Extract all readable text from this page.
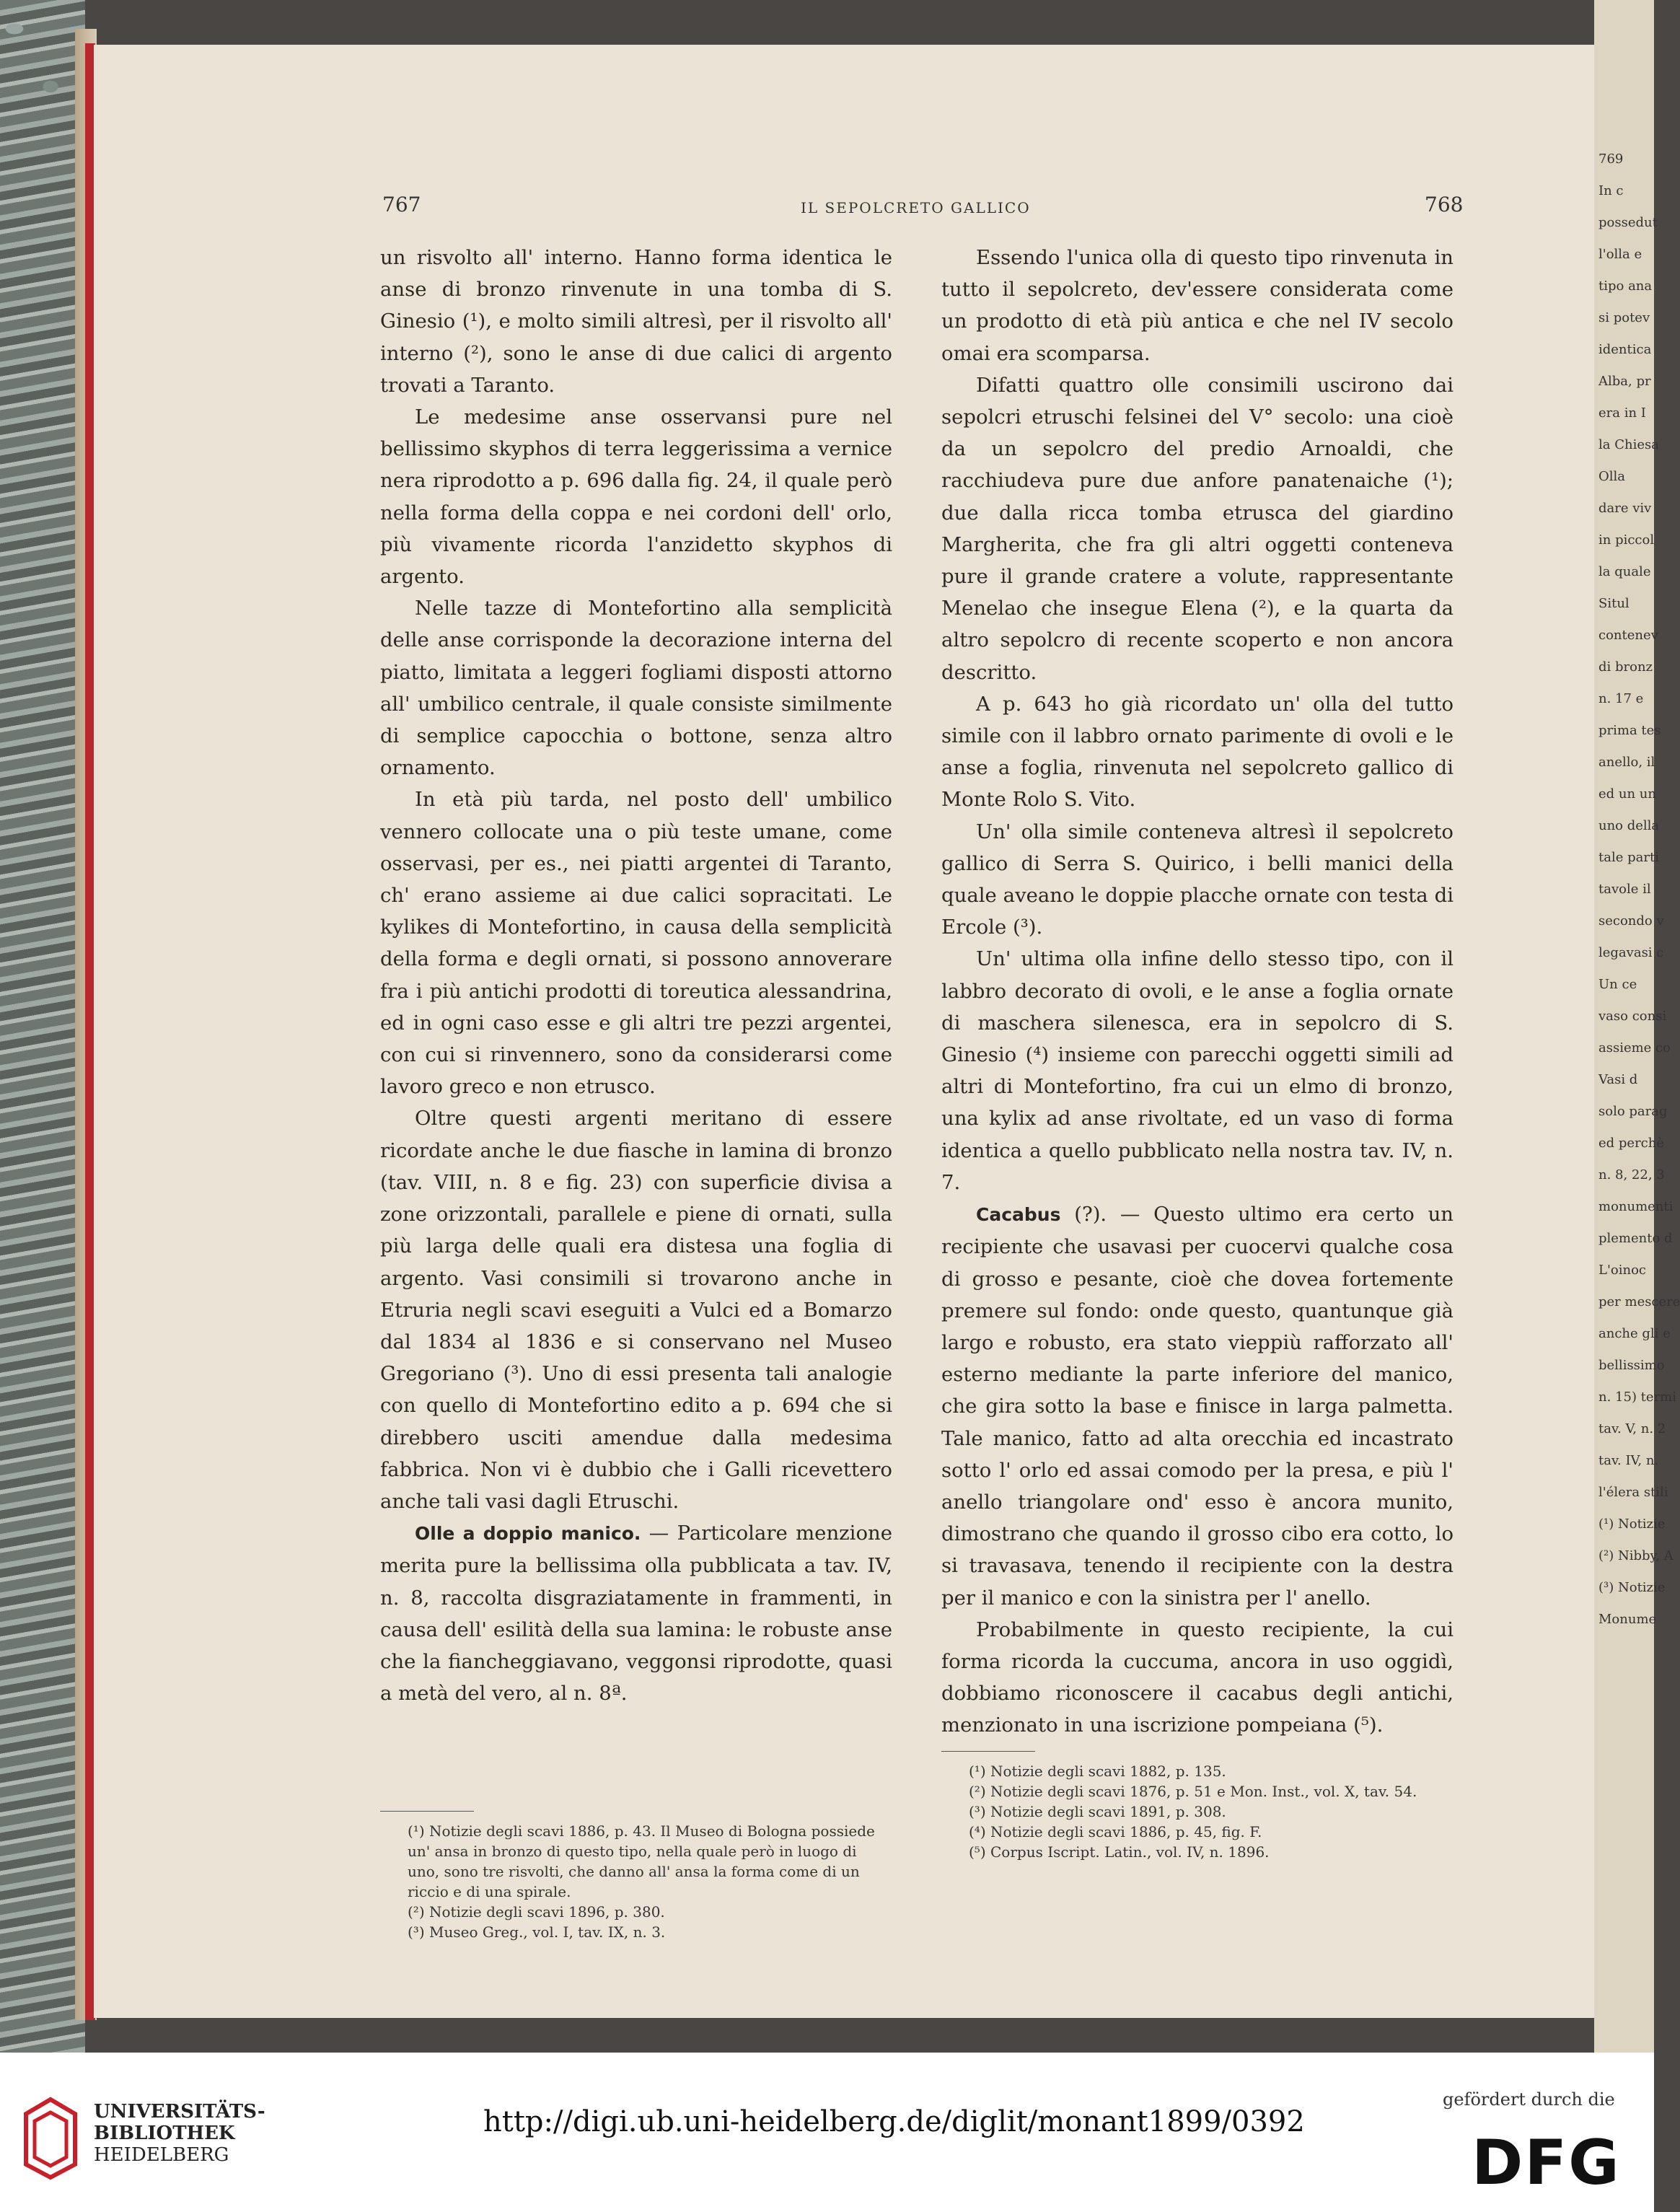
769
In c
possedut
l'olla e
tipo ana
si potev
identica
Alba, pr
era in I
la Chiesa
Olla
dare viv
in piccol
la quale
Situl
contenev
di bronz
n. 17 e
prima tes
anello, il
ed un un
uno della
tale parti
tavole il
secondo v
legavasi c
Un ce
vaso consi
assieme co
Vasi d
solo parag
ed perchè
n. 8, 22, 3
monumenti
plemento d
L'oinoc
per mescere
anche gli e
bellissimo
n. 15) termi
tav. V, n. 2
tav. IV, n.
l'élera stili
(¹) Notizie
(²) Nibby, A
(³) Notizie
Monume
767	IL SEPOLCRETO GALLICO	768

un risvolto all' interno. Hanno forma identica le anse di bronzo rinvenute in una tomba di S. Ginesio (¹), e molto simili altresì, per il risvolto all' interno (²), sono le anse di due calici di argento trovati a Taranto.

Le medesime anse osservansi pure nel bellissimo skyphos di terra leggerissima a vernice nera riprodotto a p. 696 dalla fig. 24, il quale però nella forma della coppa e nei cordoni dell' orlo, più vivamente ricorda l'anzidetto skyphos di argento.

Nelle tazze di Montefortino alla semplicità delle anse corrisponde la decorazione interna del piatto, limitata a leggeri fogliami disposti attorno all' umbilico centrale, il quale consiste similmente di semplice capocchia o bottone, senza altro ornamento.

In età più tarda, nel posto dell' umbilico vennero collocate una o più teste umane, come osservasi, per es., nei piatti argentei di Taranto, ch' erano assieme ai due calici sopracitati. Le kylikes di Montefortino, in causa della semplicità della forma e degli ornati, si possono annoverare fra i più antichi prodotti di toreutica alessandrina, ed in ogni caso esse e gli altri tre pezzi argentei, con cui si rinvennero, sono da considerarsi come lavoro greco e non etrusco.

Oltre questi argenti meritano di essere ricordate anche le due fiasche in lamina di bronzo (tav. VIII, n. 8 e fig. 23) con superficie divisa a zone orizzontali, parallele e piene di ornati, sulla più larga delle quali era distesa una foglia di argento. Vasi consimili si trovarono anche in Etruria negli scavi eseguiti a Vulci ed a Bomarzo dal 1834 al 1836 e si conservano nel Museo Gregoriano (³). Uno di essi presenta tali analogie con quello di Montefortino edito a p. 694 che si direbbero usciti amendue dalla medesima fabbrica. Non vi è dubbio che i Galli ricevettero anche tali vasi dagli Etruschi.

Olle a doppio manico. — Particolare menzione merita pure la bellissima olla pubblicata a tav. IV, n. 8, raccolta disgraziatamente in frammenti, in causa dell' esilità della sua lamina: le robuste anse che la fiancheggiavano, veggonsi riprodotte, quasi a metà del vero, al n. 8ª.

Essendo l'unica olla di questo tipo rinvenuta in tutto il sepolcreto, dev'essere considerata come un prodotto di età più antica e che nel IV secolo omai era scomparsa.

Difatti quattro olle consimili uscirono dai sepolcri etruschi felsinei del V° secolo: una cioè da un sepolcro del predio Arnoaldi, che racchiudeva pure due anfore panatenaiche (¹); due dalla ricca tomba etrusca del giardino Margherita, che fra gli altri oggetti conteneva pure il grande cratere a volute, rappresentante Menelao che insegue Elena (²), e la quarta da altro sepolcro di recente scoperto e non ancora descritto.

A p. 643 ho già ricordato un' olla del tutto simile con il labbro ornato parimente di ovoli e le anse a foglia, rinvenuta nel sepolcreto gallico di Monte Rolo S. Vito.

Un' olla simile conteneva altresì il sepolcreto gallico di Serra S. Quirico, i belli manici della quale aveano le doppie placche ornate con testa di Ercole (³).

Un' ultima olla infine dello stesso tipo, con il labbro decorato di ovoli, e le anse a foglia ornate di maschera silenesca, era in sepolcro di S. Ginesio (⁴) insieme con parecchi oggetti simili ad altri di Montefortino, fra cui un elmo di bronzo, una kylix ad anse rivoltate, ed un vaso di forma identica a quello pubblicato nella nostra tav. IV, n. 7.

Cacabus (?). — Questo ultimo era certo un recipiente che usavasi per cuocervi qualche cosa di grosso e pesante, cioè che dovea fortemente premere sul fondo: onde questo, quantunque già largo e robusto, era stato vieppiù rafforzato all' esterno mediante la parte inferiore del manico, che gira sotto la base e finisce in larga palmetta. Tale manico, fatto ad alta orecchia ed incastrato sotto l' orlo ed assai comodo per la presa, e più l' anello triangolare ond' esso è ancora munito, dimostrano che quando il grosso cibo era cotto, lo si travasava, tenendo il recipiente con la destra per il manico e con la sinistra per l' anello.

Probabilmente in questo recipiente, la cui forma ricorda la cuccuma, ancora in uso oggidì, dobbiamo riconoscere il cacabus degli antichi, menzionato in una iscrizione pompeiana (⁵).

(¹) Notizie degli scavi 1886, p. 43. Il Museo di Bologna possiede un' ansa in bronzo di questo tipo, nella quale però in luogo di uno, sono tre risvolti, che danno all' ansa la forma come di un riccio e di una spirale.

(²) Notizie degli scavi 1896, p. 380.

(³) Museo Greg., vol. I, tav. IX, n. 3.

(¹) Notizie degli scavi 1882, p. 135.

(²) Notizie degli scavi 1876, p. 51 e Mon. Inst., vol. X, tav. 54.

(³) Notizie degli scavi 1891, p. 308.

(⁴) Notizie degli scavi 1886, p. 45, fig. F.

(⁵) Corpus Iscript. Latin., vol. IV, n. 1896.

UNIVERSITÄTS-
BIBLIOTHEK
HEIDELBERG
http://digi.ub.uni-heidelberg.de/diglit/monant1899/0392
gefördert durch die
DFG
